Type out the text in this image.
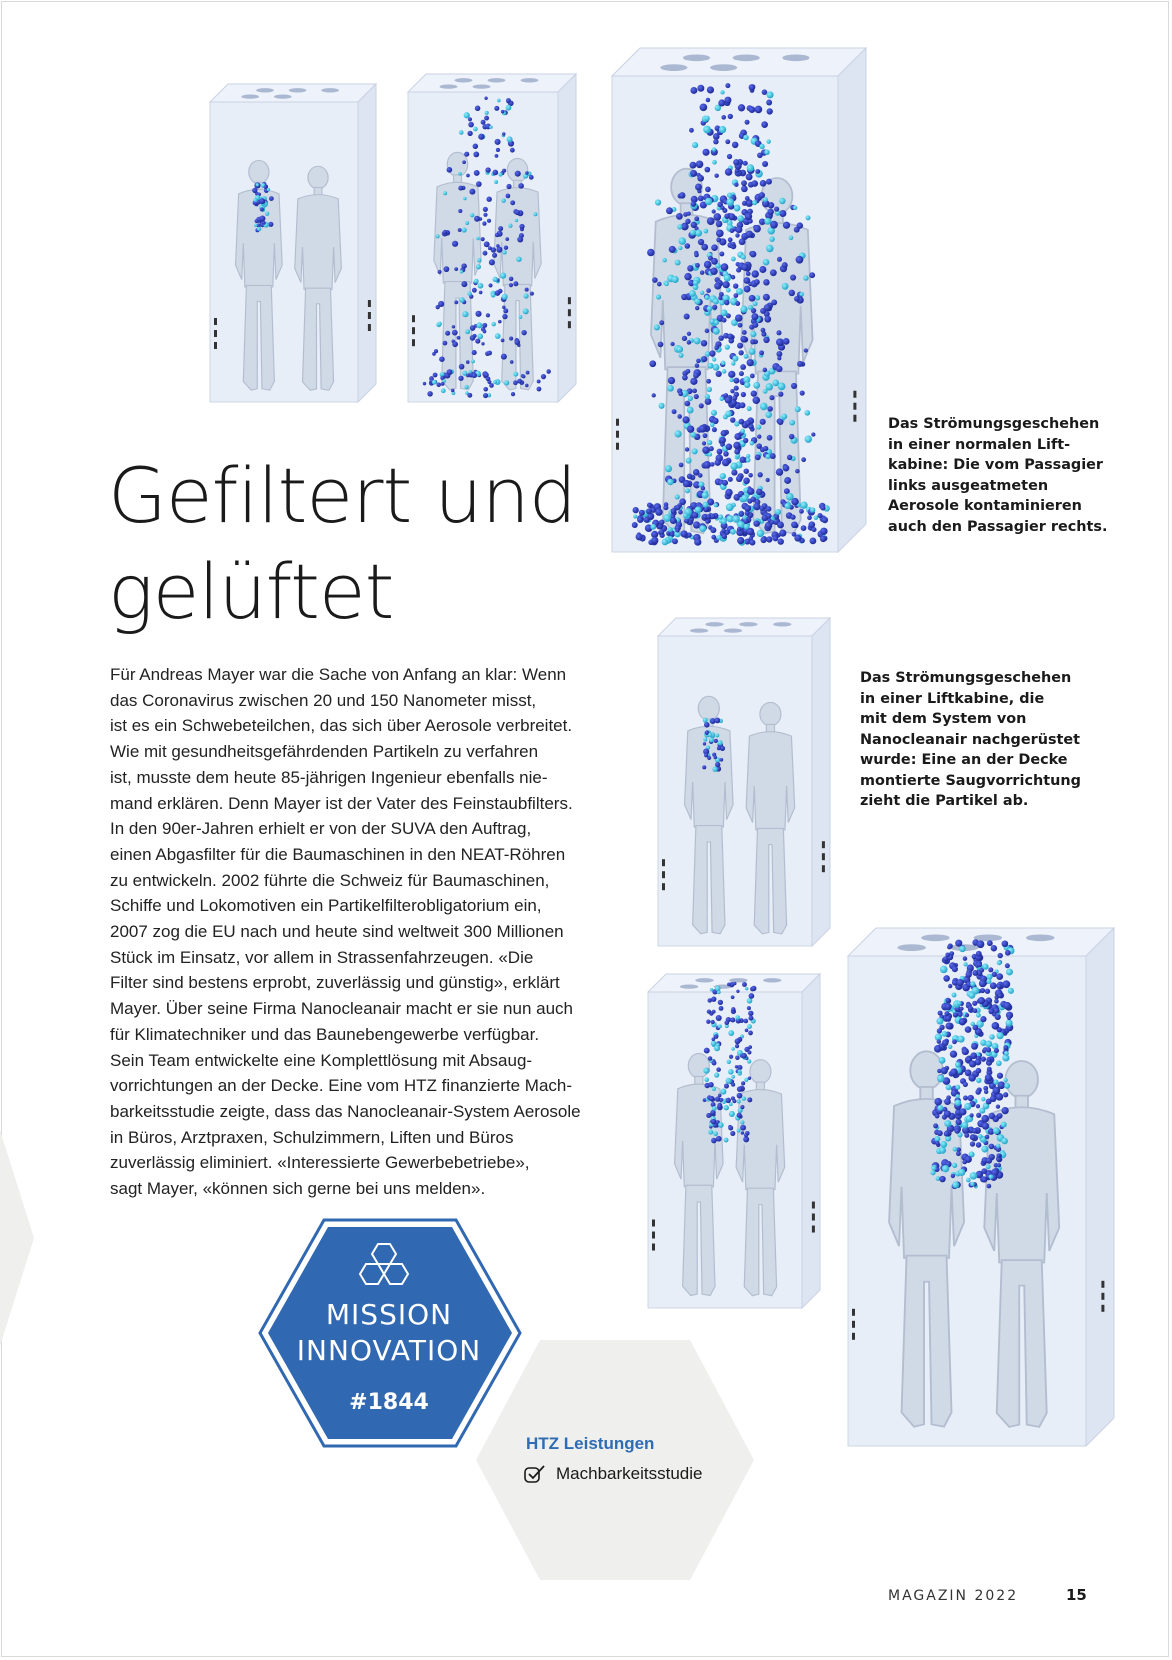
Gefiltert und
gelüftet
Für Andreas Mayer war die Sache von Anfang an klar: Wenn
das Coronavirus zwischen 20 und 150 Nanometer misst,
ist es ein Schwebeteilchen, das sich über Aerosole verbreitet.
Wie mit gesundheitsgefährdenden Partikeln zu verfahren
ist, musste dem heute 85-jährigen Ingenieur ebenfalls nie-
mand erklären. Denn Mayer ist der Vater des Feinstaubfilters.
In den 90er-Jahren erhielt er von der SUVA den Auftrag,
einen Abgasfilter für die Baumaschinen in den NEAT-Röhren
zu entwickeln. 2002 führte die Schweiz für Baumaschinen,
Schiffe und Lokomotiven ein Partikelfilterobligatorium ein,
2007 zog die EU nach und heute sind weltweit 300 Millionen
Stück im Einsatz, vor allem in Strassenfahrzeugen. «Die
Filter sind bestens erprobt, zuverlässig und günstig», erklärt
Mayer. Über seine Firma Nanocleanair macht er sie nun auch
für Klimatechniker und das Baunebengewerbe verfügbar.
Sein Team entwickelte eine Komplettlösung mit Absaug-
vorrichtungen an der Decke. Eine vom HTZ finanzierte Mach-
barkeitsstudie zeigte, dass das Nanocleanair-System Aerosole
in Büros, Arztpraxen, Schulzimmern, Liften und Büros
zuverlässig eliminiert. «Interessierte Gewerbebetriebe»,
sagt Mayer, «können sich gerne bei uns melden».
Das Strömungsgeschehen
in einer normalen Lift-
kabine: Die vom Passagier
links ausgeatmeten
Aerosole kontaminieren
auch den Passagier rechts.
Das Strömungsgeschehen
in einer Liftkabine, die
mit dem System von
Nanocleanair nachgerüstet
wurde: Eine an der Decke
montierte Saugvorrichtung
zieht die Partikel ab.
MISSION
INNOVATION
#1844
HTZ Leistungen
Machbarkeitsstudie
MAGAZIN 2022	15
